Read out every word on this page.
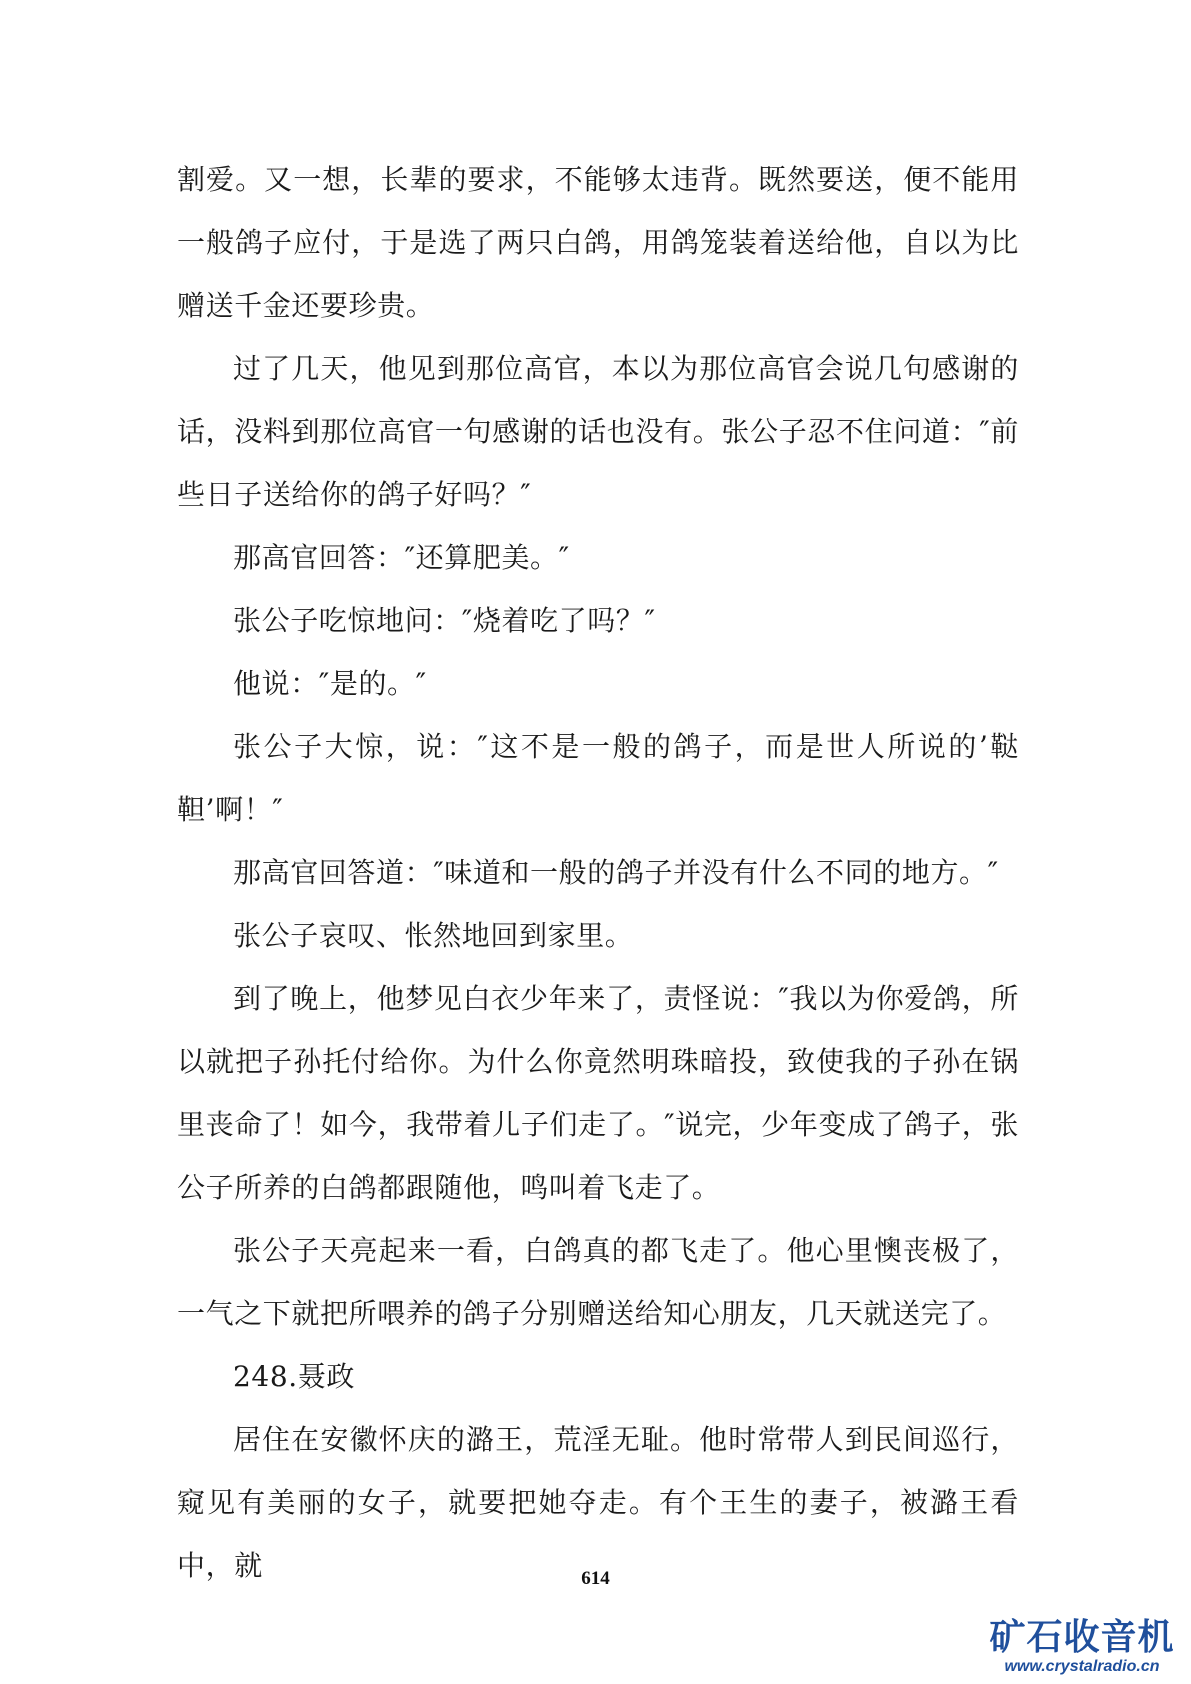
割爱。又一想，长辈的要求，不能够太违背。既然要送，便不能用一般鸽子应付，于是选了两只白鸽，用鸽笼装着送给他，自以为比赠送千金还要珍贵。

过了几天，他见到那位高官，本以为那位高官会说几句感谢的话，没料到那位高官一句感谢的话也没有。张公子忍不住问道：″前些日子送给你的鸽子好吗？″

那高官回答：″还算肥美。″

张公子吃惊地问：″烧着吃了吗？″

他说：″是的。″

张公子大惊，说：″这不是一般的鸽子，而是世人所说的’鞑靼’啊！″

那高官回答道：″味道和一般的鸽子并没有什么不同的地方。″

张公子哀叹、怅然地回到家里。

到了晚上，他梦见白衣少年来了，责怪说：″我以为你爱鸽，所以就把子孙托付给你。为什么你竟然明珠暗投，致使我的子孙在锅里丧命了！如今，我带着儿子们走了。″说完，少年变成了鸽子，张公子所养的白鸽都跟随他，鸣叫着飞走了。

张公子天亮起来一看，白鸽真的都飞走了。他心里懊丧极了，一气之下就把所喂养的鸽子分别赠送给知心朋友，几天就送完了。

248.聂政

居住在安徽怀庆的潞王，荒淫无耻。他时常带人到民间巡行，窥见有美丽的女子，就要把她夺走。有个王生的妻子，被潞王看中，就	614
矿石收音机
www.crystalradio.cn
